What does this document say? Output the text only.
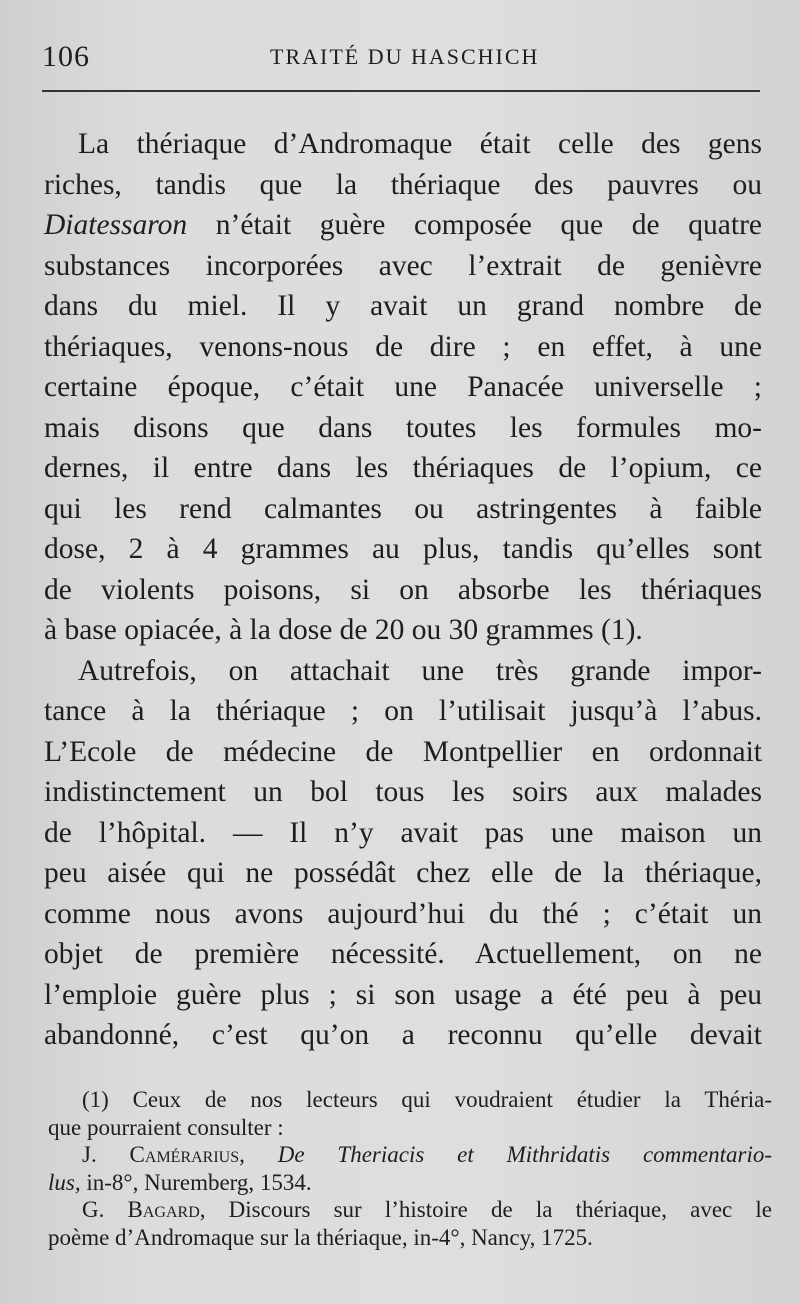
106	TRAITÉ DU HASCHICH
La thériaque d’Andromaque était celle des gens
riches, tandis que la thériaque des pauvres ou
Diatessaron n’était guère composée que de quatre
substances incorporées avec l’extrait de genièvre
dans du miel. Il y avait un grand nombre de
thériaques, venons-nous de dire ; en effet, à une
certaine époque, c’était une Panacée universelle ;
mais disons que dans toutes les formules mo-
dernes, il entre dans les thériaques de l’opium, ce
qui les rend calmantes ou astringentes à faible
dose, 2 à 4 grammes au plus, tandis qu’elles sont
de violents poisons, si on absorbe les thériaques
à base opiacée, à la dose de 20 ou 30 grammes (1).
Autrefois, on attachait une très grande impor-
tance à la thériaque ; on l’utilisait jusqu’à l’abus.
L’Ecole de médecine de Montpellier en ordonnait
indistinctement un bol tous les soirs aux malades
de l’hôpital. — Il n’y avait pas une maison un
peu aisée qui ne possédât chez elle de la thériaque,
comme nous avons aujourd’hui du thé ; c’était un
objet de première nécessité. Actuellement, on ne
l’emploie guère plus ; si son usage a été peu à peu
abandonné, c’est qu’on a reconnu qu’elle devait
(1) Ceux de nos lecteurs qui voudraient étudier la Théria-
que pourraient consulter :
J. Camérarius, De Theriacis et Mithridatis commentario-
lus, in-8°, Nuremberg, 1534.
G. Bagard, Discours sur l’histoire de la thériaque, avec le
poème d’Andromaque sur la thériaque, in-4°, Nancy, 1725.
